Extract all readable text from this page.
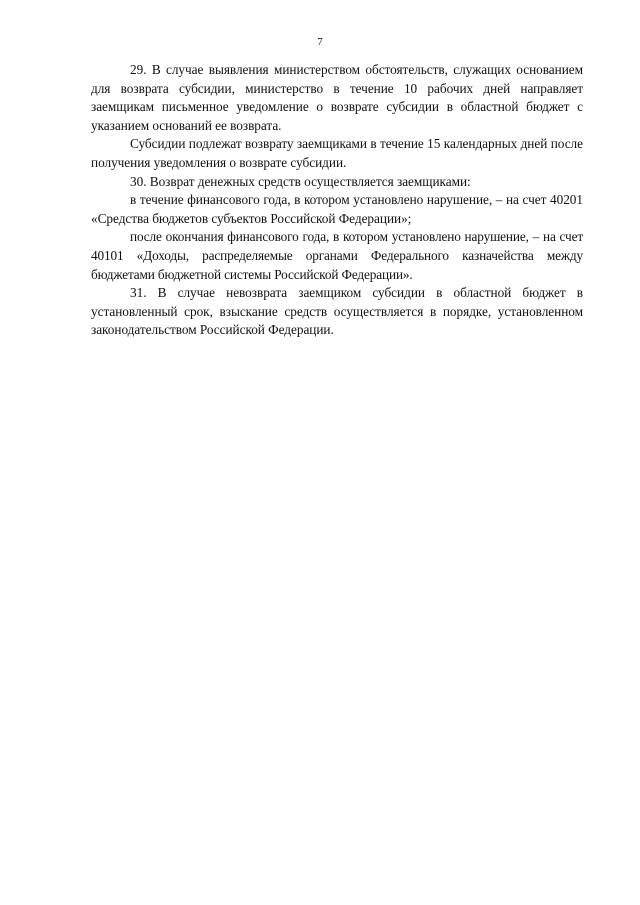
7

29. В случае выявления министерством обстоятельств, служащих основанием для возврата субсидии, министерство в течение 10 рабочих дней направляет заемщикам письменное уведомление о возврате субсидии в областной бюджет с указанием оснований ее возврата.

Субсидии подлежат возврату заемщиками в течение 15 календарных дней после получения уведомления о возврате субсидии.

30. Возврат денежных средств осуществляется заемщиками:

в течение финансового года, в котором установлено нарушение, – на счет 40201 «Средства бюджетов субъектов Российской Федерации»;

после окончания финансового года, в котором установлено нарушение, – на счет 40101 «Доходы, распределяемые органами Федерального казначейства между бюджетами бюджетной системы Российской Федерации».

31. В случае невозврата заемщиком субсидии в областной бюджет в установленный срок, взыскание средств осуществляется в порядке, установленном законодательством Российской Федерации.
